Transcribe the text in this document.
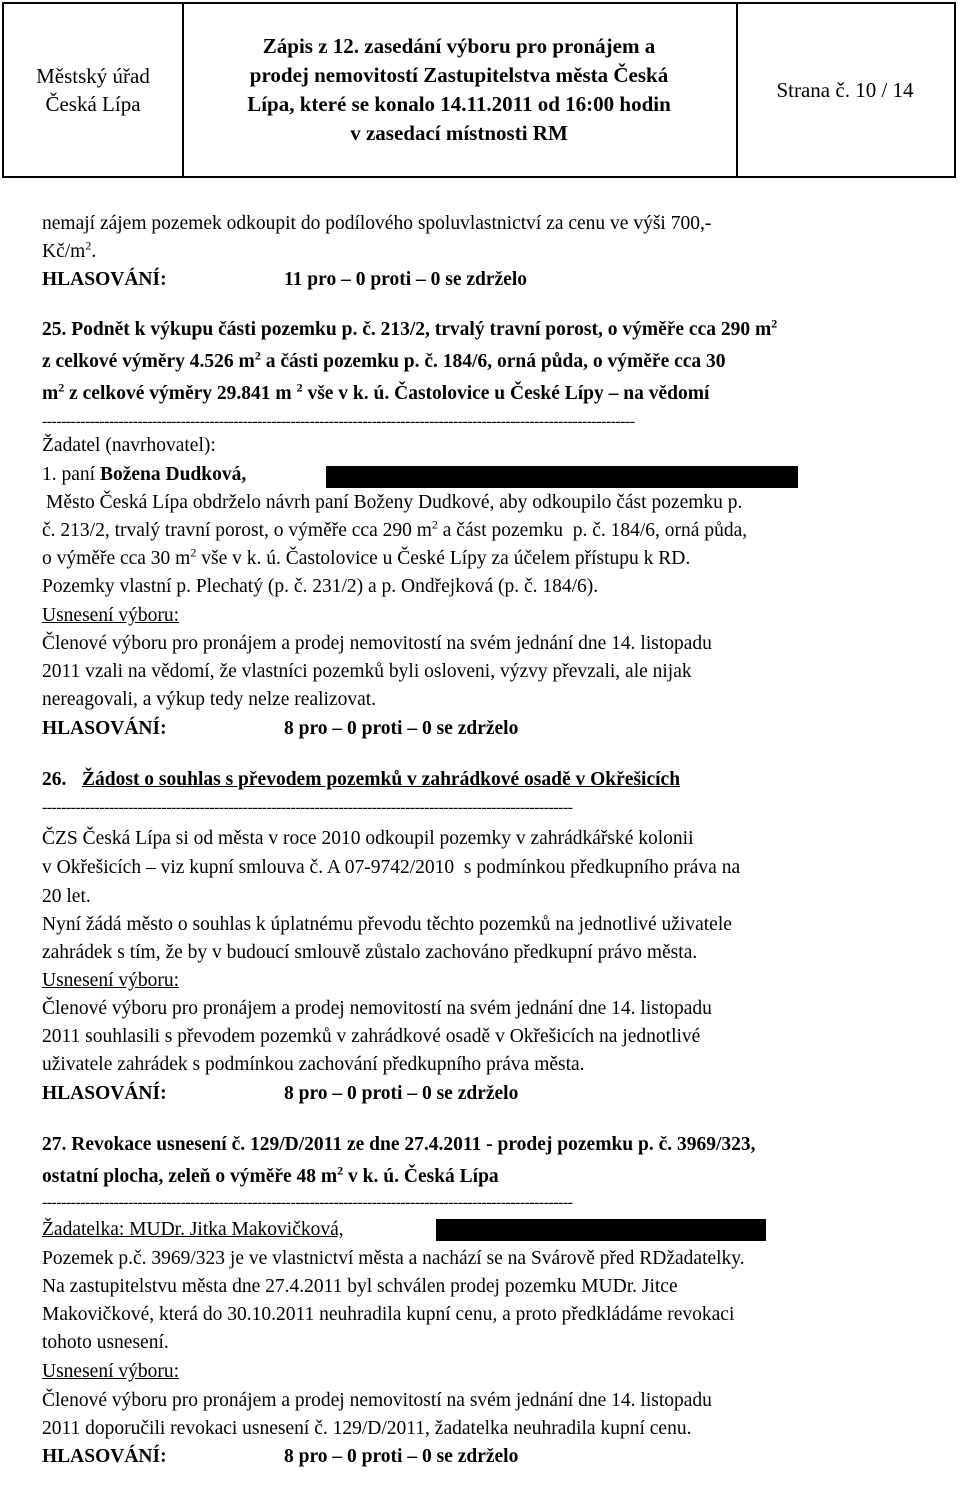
Městský úřad
Česká Lípa
Zápis z 12. zasedání výboru pro pronájem a
prodej nemovitostí Zastupitelstva města Česká
Lípa, které se konalo 14.11.2011 od 16:00 hodin
v zasedací místnosti RM
Strana č. 10 / 14
nemají zájem pozemek odkoupit do podílového spoluvlastnictví za cenu ve výši 700,-
$Kč/m^2$.
HLASOVÁNÍ:	11 pro – 0 proti – 0 se zdrželo
25. Podnět k výkupu části pozemku p. č. 213/2, trvalý travní porost, o výměře cca 290 $m^2$
z celkové výměry 4.526 $m^2$ a části pozemku p. č. 184/6, orná půda, o výměře cca 30
$m^2$ z celkové výměry 29.841 m $^2$ vše v k. ú. Častolovice u České Lípy – na vědomí
----------------------------------------------------------------------------------------------------------------------------
Žadatel (navrhovatel):
1. paní Božena Dudková,
Město Česká Lípa obdrželo návrh paní Boženy Dudkové, aby odkoupilo část pozemku p.
č. 213/2, trvalý travní porost, o výměře cca 290 $m^2$ a část pozemku  p. č. 184/6, orná půda,
o výměře cca 30 $m^2$ vše v k. ú. Častolovice u České Lípy za účelem přístupu k RD.
Pozemky vlastní p. Plechatý (p. č. 231/2) a p. Ondřejková (p. č. 184/6).
Usnesení výboru:
Členové výboru pro pronájem a prodej nemovitostí na svém jednání dne 14. listopadu
2011 vzali na vědomí, že vlastníci pozemků byli osloveni, výzvy převzali, ale nijak
nereagovali, a výkup tedy nelze realizovat.
HLASOVÁNÍ:	8 pro – 0 proti – 0 se zdrželo
26. Žádost o souhlas s převodem pozemků v zahrádkové osadě v Okřešicích
---------------------------------------------------------------------------------------------------------------
ČZS Česká Lípa si od města v roce 2010 odkoupil pozemky v zahrádkářské kolonii
v Okřešicích – viz kupní smlouva č. A 07-9742/2010  s podmínkou předkupního práva na
20 let.
Nyní žádá město o souhlas k úplatnému převodu těchto pozemků na jednotlivé uživatele
zahrádek s tím, že by v budoucí smlouvě zůstalo zachováno předkupní právo města.
Usnesení výboru:
Členové výboru pro pronájem a prodej nemovitostí na svém jednání dne 14. listopadu
2011 souhlasili s převodem pozemků v zahrádkové osadě v Okřešicích na jednotlivé
uživatele zahrádek s podmínkou zachování předkupního práva města.
HLASOVÁNÍ:	8 pro – 0 proti – 0 se zdrželo
27. Revokace usnesení č. 129/D/2011 ze dne 27.4.2011 - prodej pozemku p. č. 3969/323,
ostatní plocha, zeleň o výměře 48 $m^2$ v k. ú. Česká Lípa
---------------------------------------------------------------------------------------------------------------
Žadatelka: MUDr. Jitka Makovičková,
Pozemek p.č. 3969/323 je ve vlastnictví města a nachází se na Svárově před RDžadatelky.
Na zastupitelstvu města dne 27.4.2011 byl schválen prodej pozemku MUDr. Jitce
Makovičkové, která do 30.10.2011 neuhradila kupní cenu, a proto předkládáme revokaci
tohoto usnesení.
Usnesení výboru:
Členové výboru pro pronájem a prodej nemovitostí na svém jednání dne 14. listopadu
2011 doporučili revokaci usnesení č. 129/D/2011, žadatelka neuhradila kupní cenu.
HLASOVÁNÍ:	8 pro – 0 proti – 0 se zdrželo
